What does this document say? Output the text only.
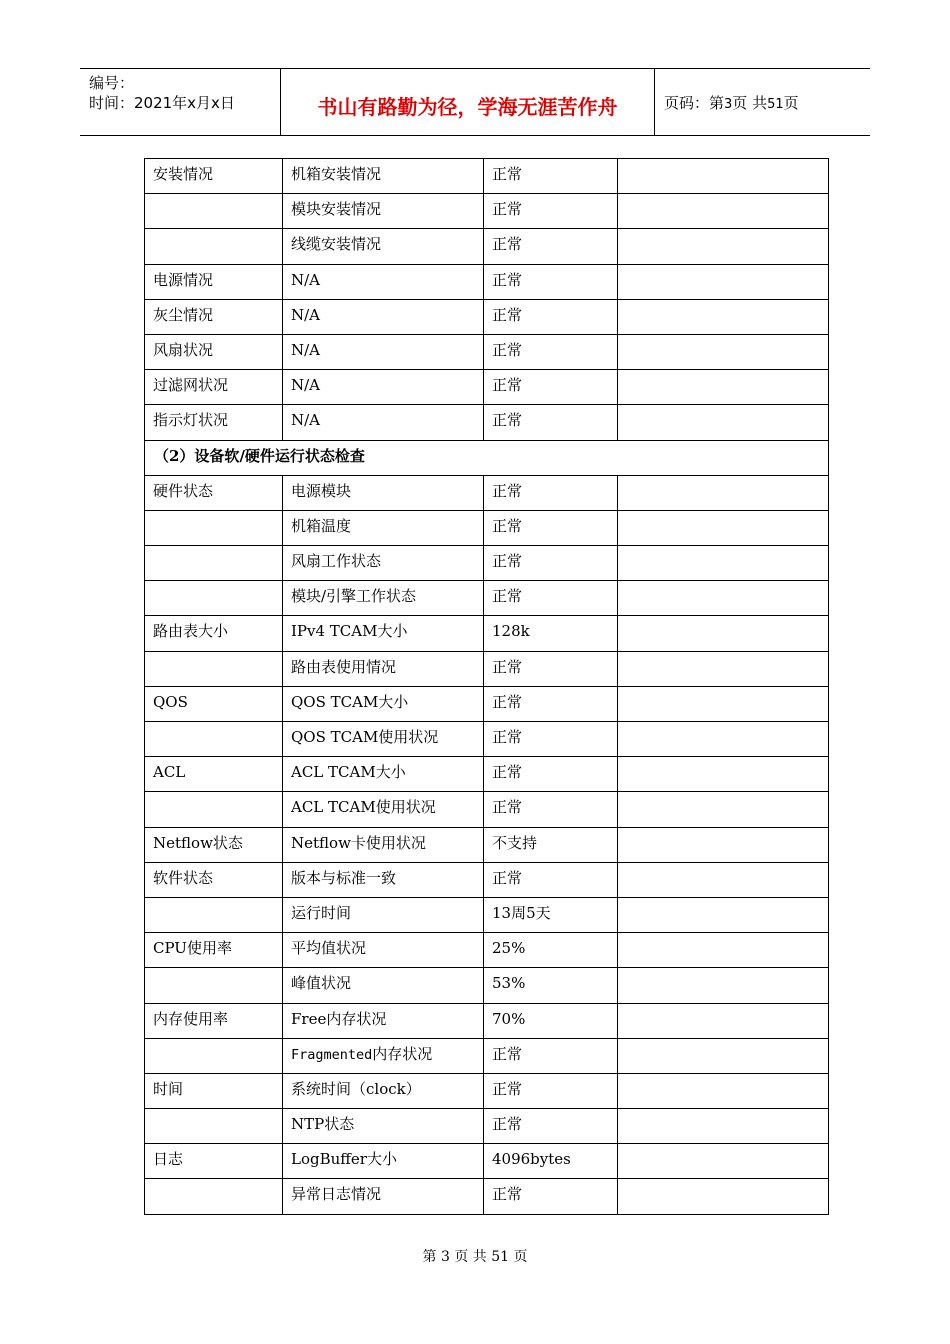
编号：
时间：2021年x月x日	书山有路勤为径，学海无涯苦作舟	页码：第3页 共51页
安装情况	机箱安装情况	正常	
	模块安装情况	正常	
	线缆安装情况	正常	
电源情况	N/A	正常	
灰尘情况	N/A	正常	
风扇状况	N/A	正常	
过滤网状况	N/A	正常	
指示灯状况	N/A	正常	
（2）设备软/硬件运行状态检查			
硬件状态	电源模块	正常	
	机箱温度	正常	
	风扇工作状态	正常	
	模块/引擎工作状态	正常	
路由表大小	IPv4 TCAM大小	128k	
	路由表使用情况	正常	
QOS	QOS TCAM大小	正常	
	QOS TCAM使用状况	正常	
ACL	ACL TCAM大小	正常	
	ACL TCAM使用状况	正常	
Netflow状态	Netflow卡使用状况	不支持	
软件状态	版本与标准一致	正常	
	运行时间	13周5天	
CPU使用率	平均值状况	25%	
	峰值状况	53%	
内存使用率	Free内存状况	70%	
	Fragmented内存状况	正常	
时间	系统时间（clock）	正常	
	NTP状态	正常	
日志	LogBuffer大小	4096bytes	
	异常日志情况	正常	
第 3 页 共 51 页
